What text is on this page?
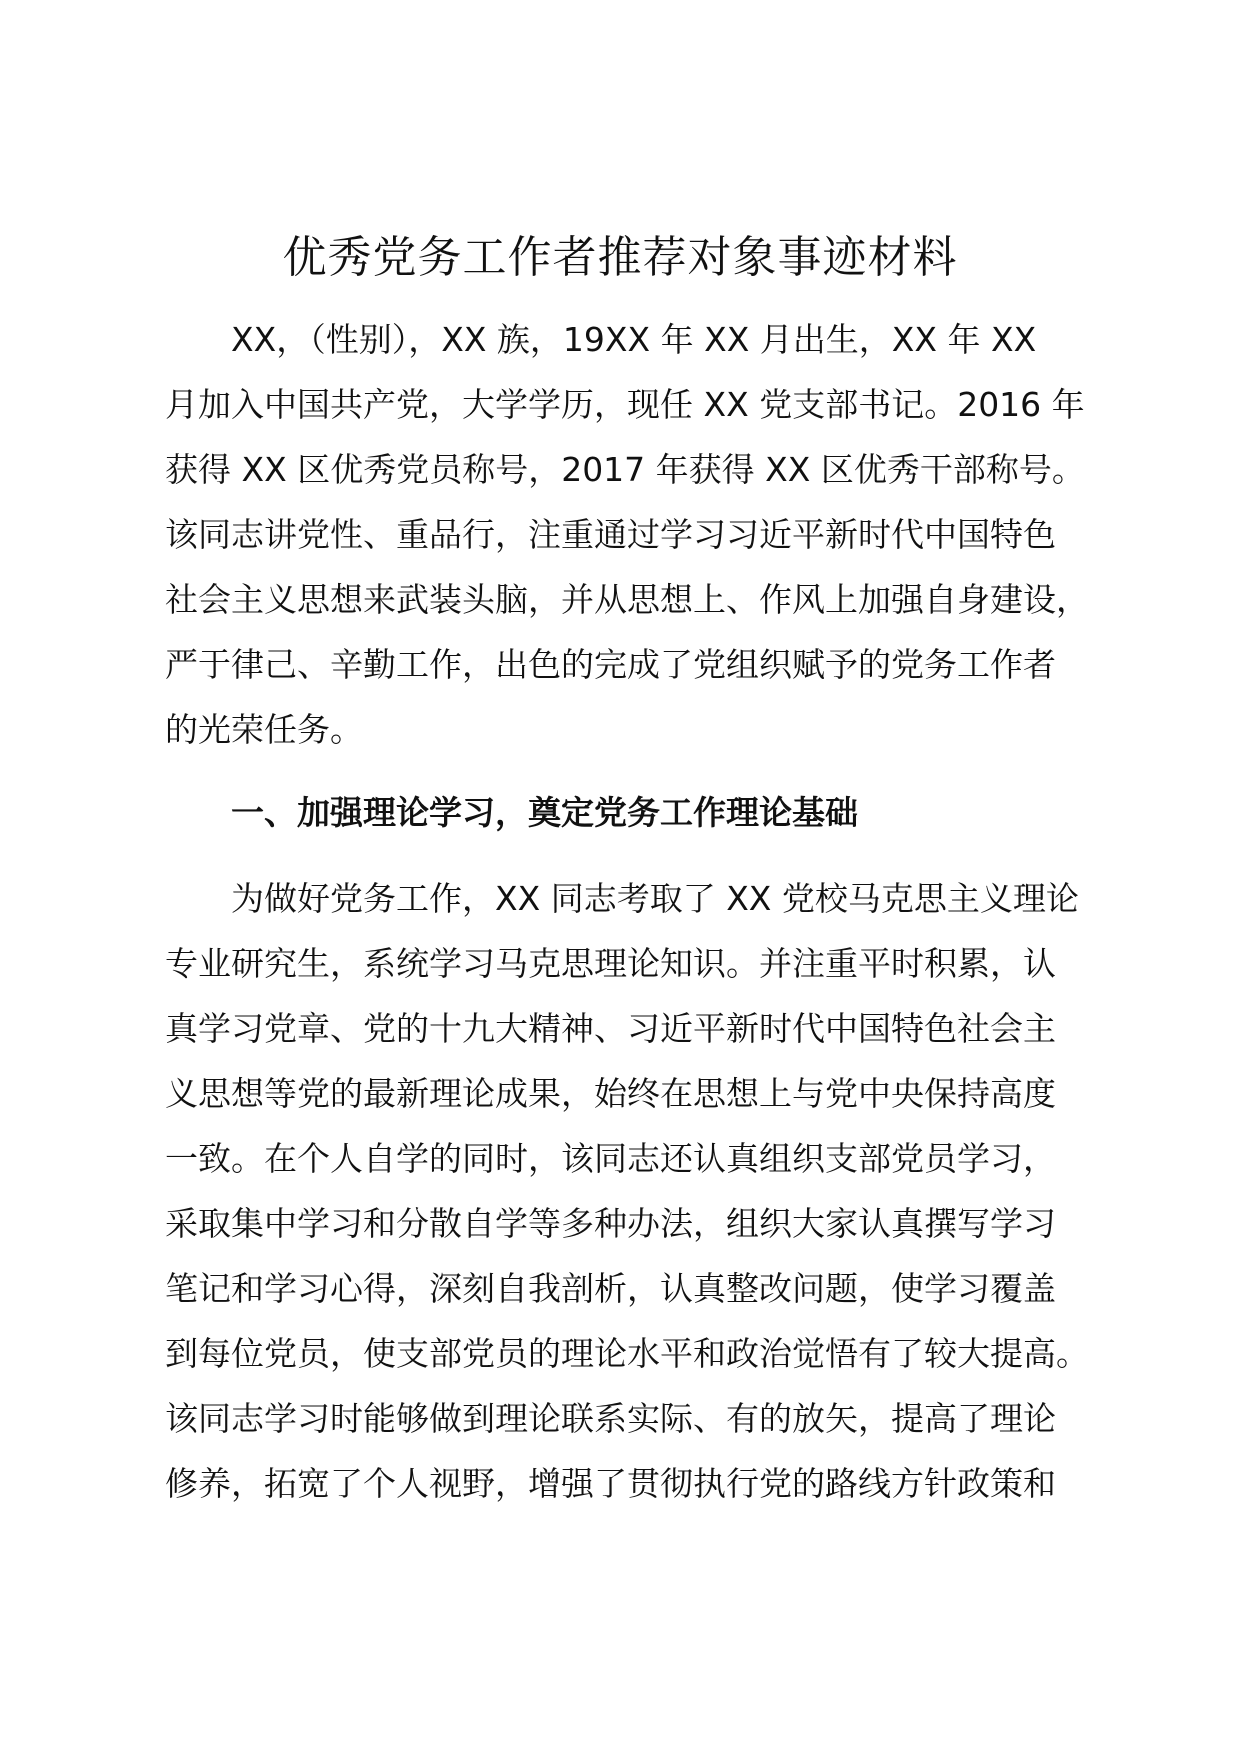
优秀党务工作者推荐对象事迹材料
XX，（性别），XX 族，19XX 年 XX 月出生，XX 年 XX
月加入中国共产党，大学学历，现任 XX 党支部书记。2016 年
获得 XX 区优秀党员称号，2017 年获得 XX 区优秀干部称号。
该同志讲党性、重品行，注重通过学习习近平新时代中国特色
社会主义思想来武装头脑，并从思想上、作风上加强自身建设，
严于律己、辛勤工作，出色的完成了党组织赋予的党务工作者
的光荣任务。
一、加强理论学习，奠定党务工作理论基础
为做好党务工作，XX 同志考取了 XX 党校马克思主义理论
专业研究生，系统学习马克思理论知识。并注重平时积累，认
真学习党章、党的十九大精神、习近平新时代中国特色社会主
义思想等党的最新理论成果，始终在思想上与党中央保持高度
一致。在个人自学的同时，该同志还认真组织支部党员学习，
采取集中学习和分散自学等多种办法，组织大家认真撰写学习
笔记和学习心得，深刻自我剖析，认真整改问题，使学习覆盖
到每位党员，使支部党员的理论水平和政治觉悟有了较大提高。
该同志学习时能够做到理论联系实际、有的放矢，提高了理论
修养，拓宽了个人视野，增强了贯彻执行党的路线方针政策和
